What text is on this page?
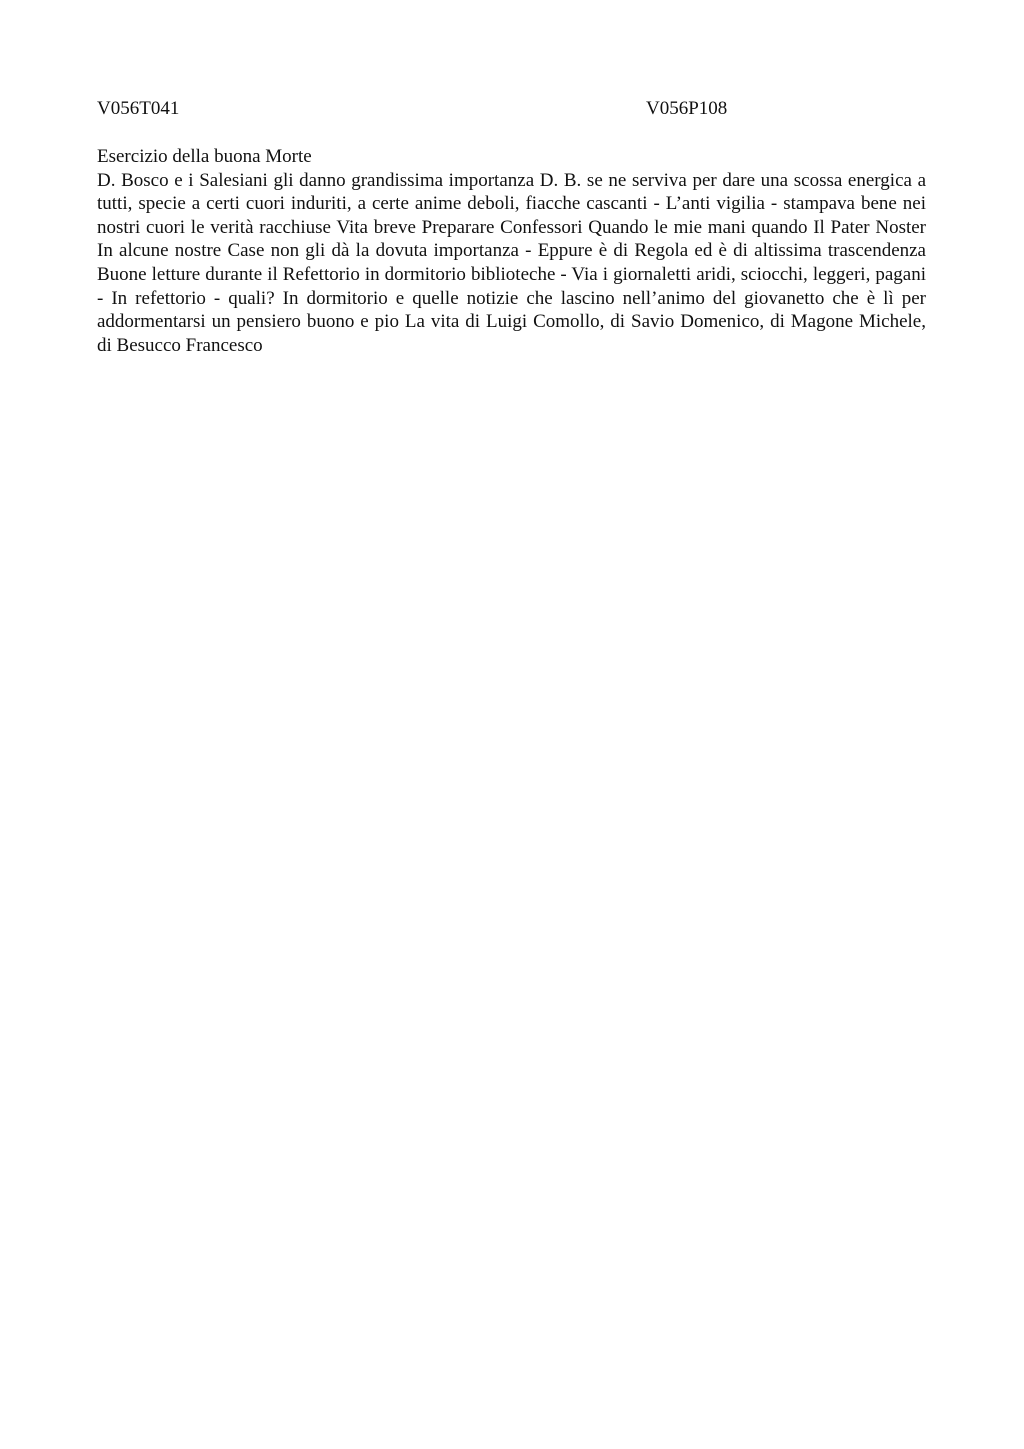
V056T041	V056P108
Esercizio della buona Morte

D. Bosco e i Salesiani gli danno grandissima importanza D. B. se ne serviva per dare una scossa energica a tutti, specie a certi cuori induriti, a certe anime deboli, fiacche cascanti - L’anti vigilia - stampava bene nei nostri cuori le verità racchiuse Vita breve Preparare Confessori Quando le mie mani quando Il Pater Noster In alcune nostre Case non gli dà la dovuta importanza - Eppure è di Regola ed è di altissima trascendenza Buone letture durante il Refettorio in dormitorio biblioteche - Via i giornaletti aridi, sciocchi, leggeri, pagani - In refettorio - quali? In dormitorio e quelle notizie che lascino nell’animo del giovanetto che è lì per addormentarsi un pensiero buono e pio La vita di Luigi Comollo, di Savio Domenico, di Magone Michele, di Besucco Francesco
